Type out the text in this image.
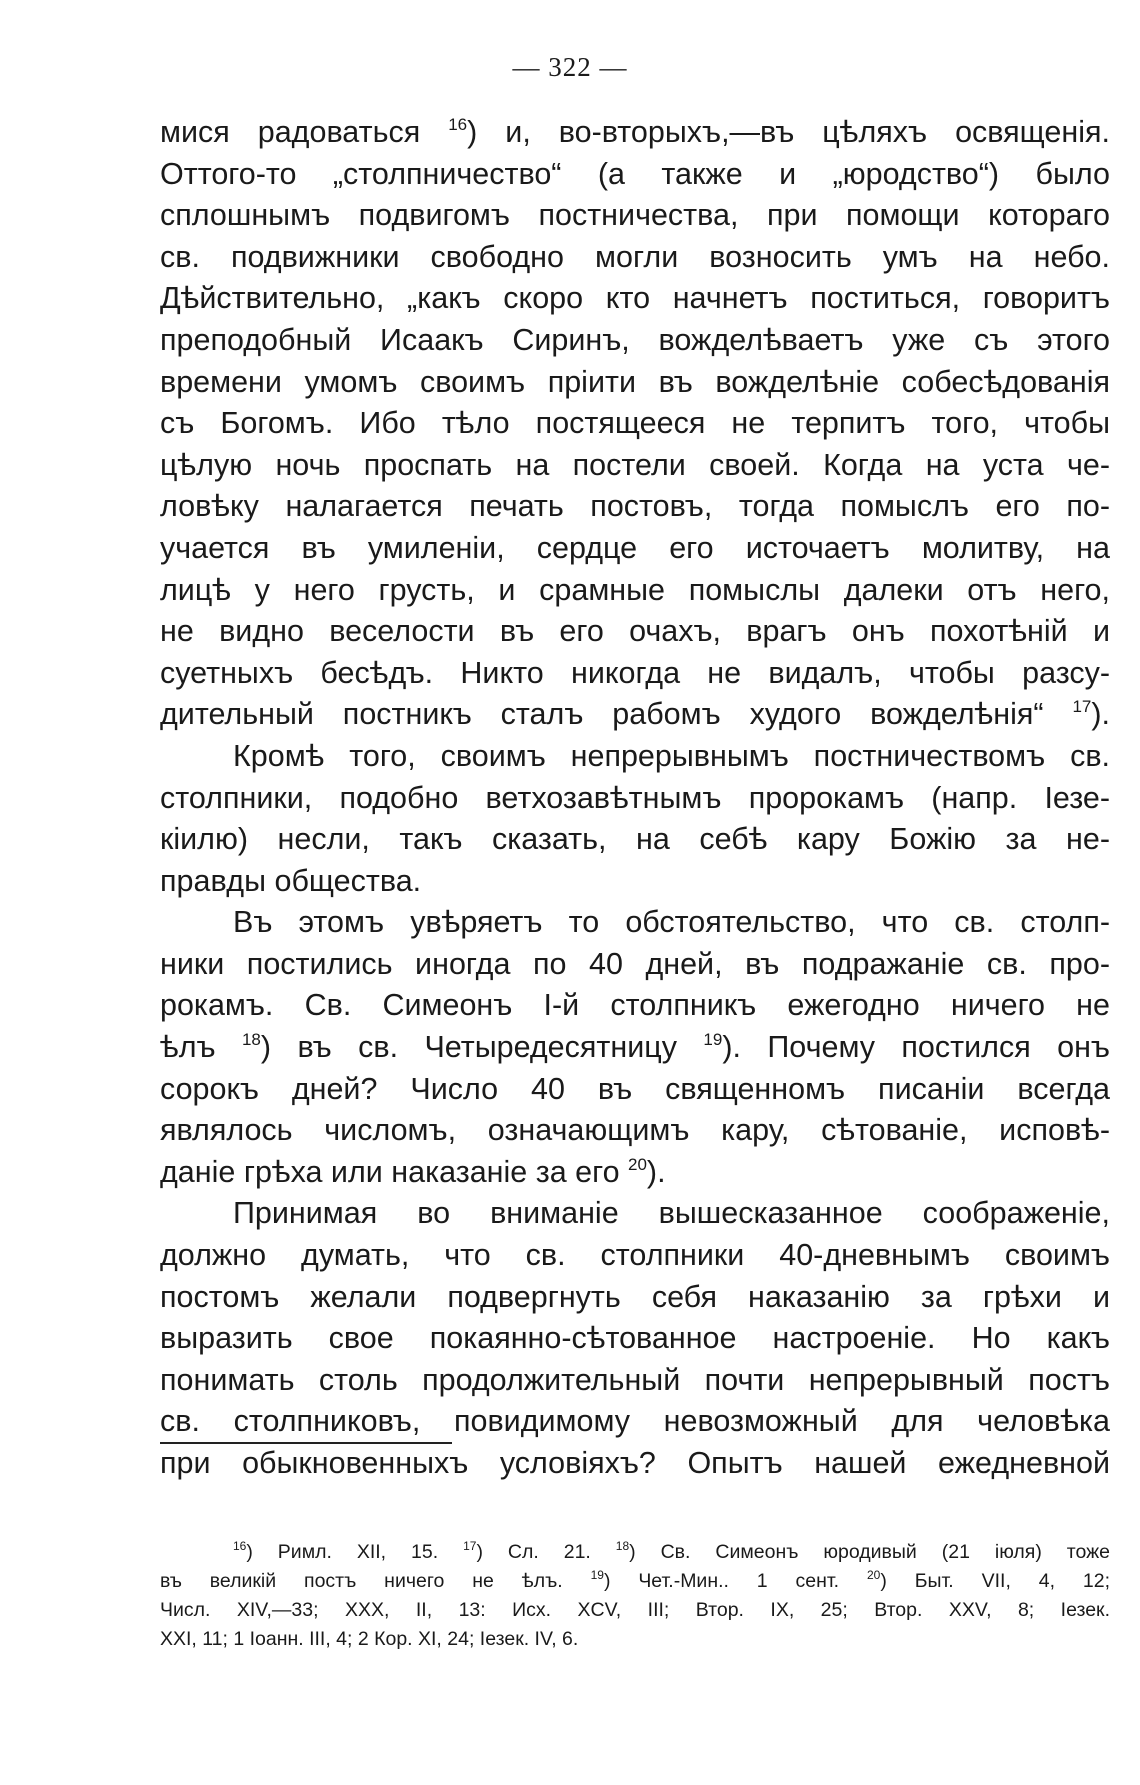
— 322 —
мися радоваться $^{16}$) и, во-вторыхъ,—въ цѣляхъ освященія.
Оттого-то „столпничество“ (а также и „юродство“) было
сплошнымъ подвигомъ постничества, при помощи котораго
св. подвижники свободно могли возносить умъ на небо.
Дѣйствительно, „какъ скоро кто начнетъ поститься, говоритъ
преподобный Исаакъ Сиринъ, вожделѣваетъ уже съ этого
времени умомъ своимъ пріити въ вожделѣніе собесѣдованія
съ Богомъ. Ибо тѣло постящееся не терпитъ того, чтобы
цѣлую ночь проспать на постели своей. Когда на уста че-
ловѣку налагается печать постовъ, тогда помыслъ его по-
учается въ умиленіи, сердце его источаетъ молитву, на
лицѣ у него грусть, и срамные помыслы далеки отъ него,
не видно веселости въ его очахъ, врагъ онъ похотѣній и
суетныхъ бесѣдъ. Никто никогда не видалъ, чтобы разсу-
дительный постникъ сталъ рабомъ худого вожделѣнія“ $^{17}$).
Кромѣ того, своимъ непрерывнымъ постничествомъ св.
столпники, подобно ветхозавѣтнымъ пророкамъ (напр. Іезе-
кіилю) несли, такъ сказать, на себѣ кару Божію за не-
правды общества.
Въ этомъ увѣряетъ то обстоятельство, что св. столп-
ники постились иногда по 40 дней, въ подражаніе св. про-
рокамъ. Св. Симеонъ І-й столпникъ ежегодно ничего не
ѣлъ $^{18}$) въ св. Четыредесятницу $^{19}$). Почему постился онъ
сорокъ дней? Число 40 въ священномъ писаніи всегда
являлось числомъ, означающимъ кару, сѣтованіе, исповѣ-
даніе грѣха или наказаніе за его $^{20}$).
Принимая во вниманіе вышесказанное соображеніе,
должно думать, что св. столпники 40-дневнымъ своимъ
постомъ желали подвергнуть себя наказанію за грѣхи и
выразить свое покаянно-сѣтованное настроеніе. Но какъ
понимать столь продолжительный почти непрерывный постъ
св. столпниковъ, повидимому невозможный для человѣка
при обыкновенныхъ условіяхъ? Опытъ нашей ежедневной
$^{16}$) Римл. XII, 15. $^{17}$) Сл. 21. $^{18}$) Св. Симеонъ юродивый (21 іюля) тоже
въ великій постъ ничего не ѣлъ. $^{19}$) Чет.-Мин.. 1 сент. $^{20}$) Быт. VII, 4, 12;
Числ. XIV,—33; XXX, II, 13: Исх. XCV, III; Втор. IX, 25; Втор. XXV, 8; Іезек.
XXI, 11; 1 Іоанн. III, 4; 2 Кор. XI, 24; Іезек. IV, 6.
